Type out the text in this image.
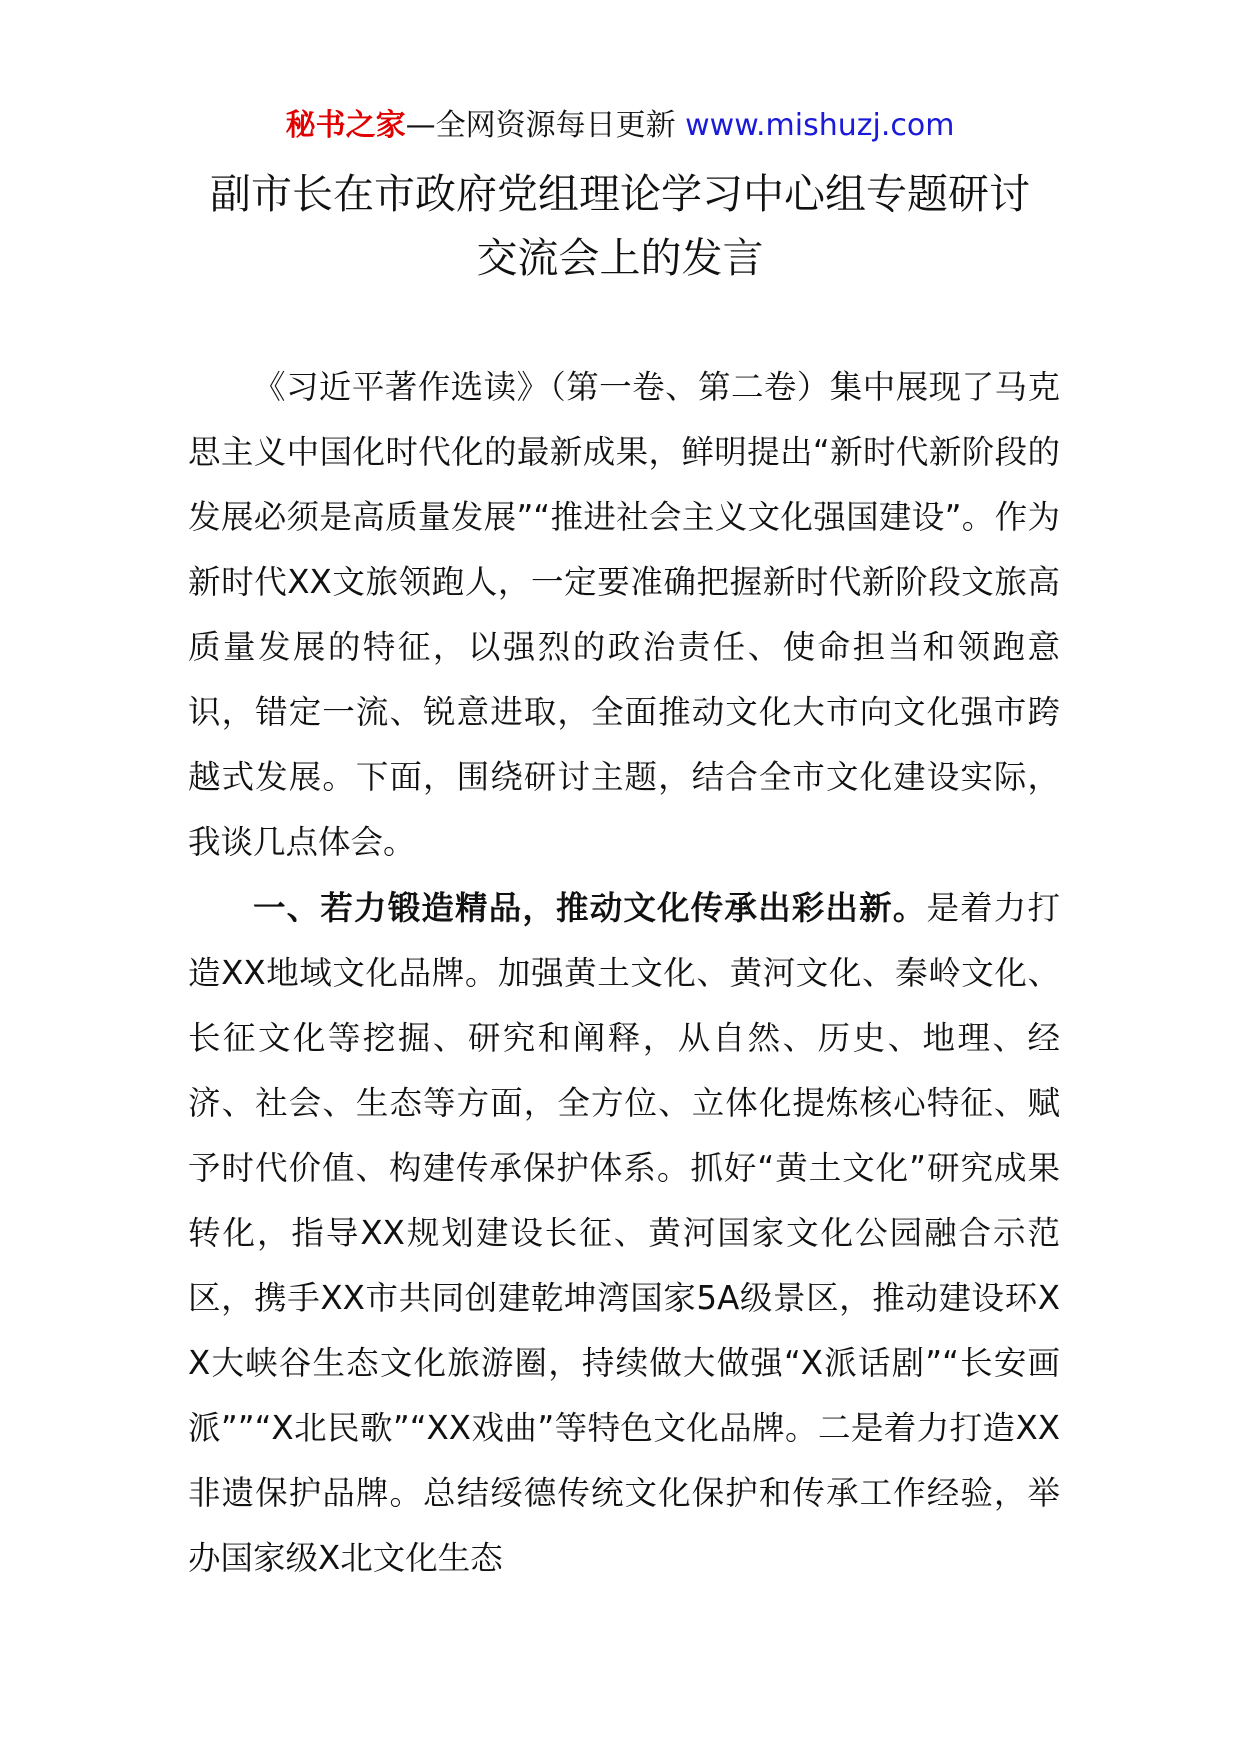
秘书之家—全网资源每日更新 www.mishuzj.com
副市长在市政府党组理论学习中心组专题研讨
交流会上的发言

《习近平著作选读》（第一卷、第二卷）集中展现了马克思主义中国化时代化的最新成果，鲜明提出“新时代新阶段的发展必须是高质量发展”“推进社会主义文化强国建设”。作为新时代XX文旅领跑人，一定要准确把握新时代新阶段文旅高质量发展的特征，以强烈的政治责任、使命担当和领跑意识，错定一流、锐意进取，全面推动文化大市向文化强市跨越式发展。下面，围绕研讨主题，结合全市文化建设实际，我谈几点体会。

一、若力锻造精品，推动文化传承出彩出新。是着力打造XX地域文化品牌。加强黄土文化、黄河文化、秦岭文化、长征文化等挖掘、研究和阐释，从自然、历史、地理、经济、社会、生态等方面，全方位、立体化提炼核心特征、赋予时代价值、构建传承保护体系。抓好“黄土文化”研究成果转化，指导XX规划建设长征、黄河国家文化公园融合示范区，携手XX市共同创建乾坤湾国家5A级景区，推动建设环XX大峡谷生态文化旅游圈，持续做大做强“X派话剧”“长安画派””“X北民歌”“XX戏曲”等特色文化品牌。二是着力打造XX非遗保护品牌。总结绥德传统文化保护和传承工作经验，举办国家级X北文化生态
